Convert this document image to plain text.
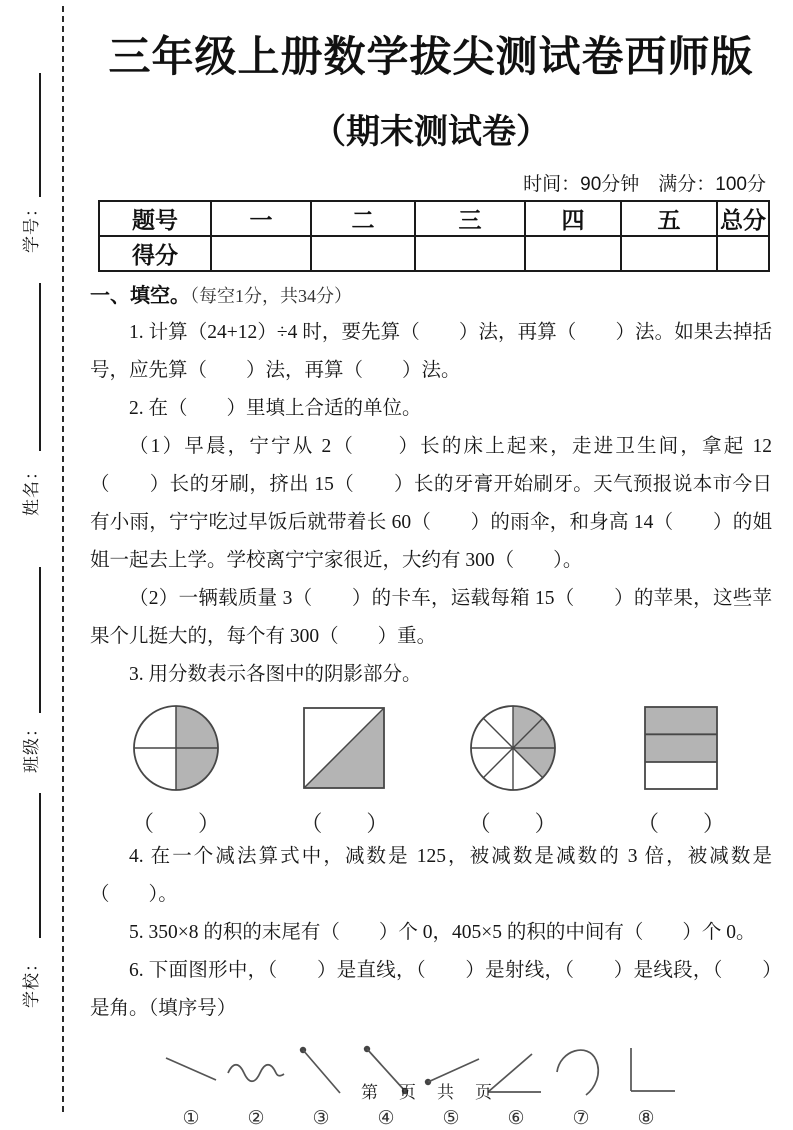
学号：
姓名：
班级：
学校：
三年级上册数学拔尖测试卷西师版
（期末测试卷）
时间：90分钟　满分：100分
题号	一	二	三	四	五	总分
得分						
一、填空。（每空1分，共34分）

1. 计算（24+12）÷4 时，要先算（　　）法，再算（　　）法。如果去掉括号，应先算（　　）法，再算（　　）法。

2. 在（　　）里填上合适的单位。

（1）早晨，宁宁从 2（　　）长的床上起来，走进卫生间，拿起 12（　　）长的牙刷，挤出 15（　　）长的牙膏开始刷牙。天气预报说本市今日有小雨，宁宁吃过早饭后就带着长 60（　　）的雨伞，和身高 14（　　）的姐姐一起去上学。学校离宁宁家很近，大约有 300（　　）。

（2）一辆载质量 3（　　）的卡车，运载每箱 15（　　）的苹果，这些苹果个儿挺大的，每个有 300（　　）重。

3. 用分数表示各图中的阴影部分。

（　　）	（　　）	（　　）	（　　）

4. 在一个减法算式中，减数是 125，被减数是减数的 3 倍，被减数是（　　）。

5. 350×8 的积的末尾有（　　）个 0，405×5 的积的中间有（　　）个 0。

6. 下面图形中，（　　）是直线，（　　）是射线，（　　）是线段，（　　）是角。（填序号）

①	②	③	④	⑤	⑥	⑦	⑧
第　页　共　页
